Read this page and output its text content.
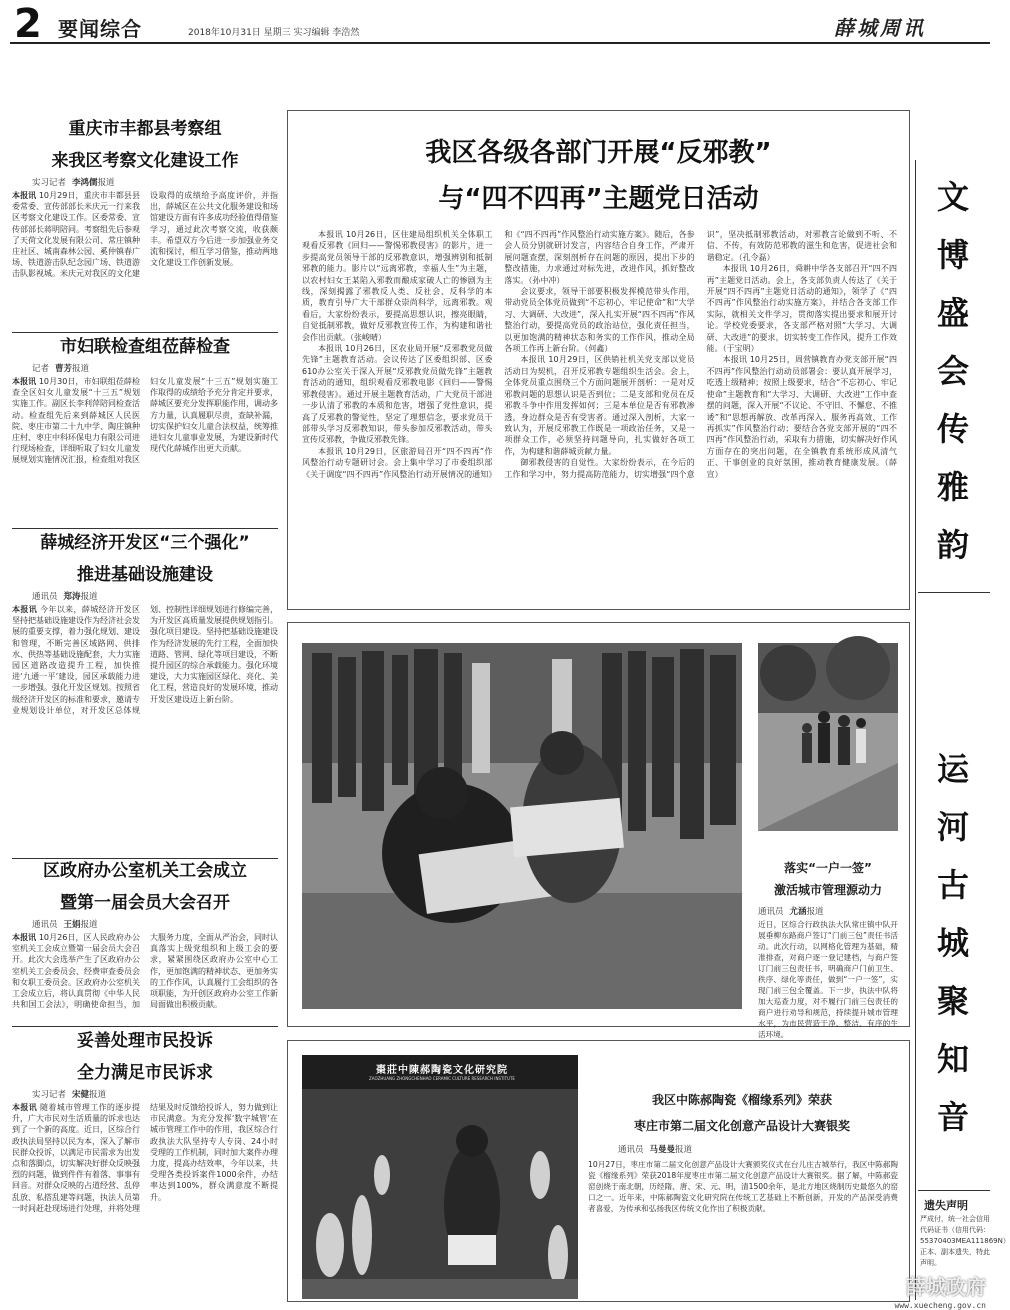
2 要闻综合	2018年10月31日 星期三 实习编辑 李浩然	薛城周讯
重庆市丰都县考察组
来我区考察文化建设工作
实习记者 李鸿儒报道
本报讯 10月29日，重庆市丰都县县委常委、宣传部部长米庆元一行来我区考察文化建设工作。区委常委、宣传部部长蒋明陪同。考察组先后参观了天荷文化发展有限公司、常庄镇种庄社区、城南森林公园、奚仲镇春广场、铁道游击队纪念园广场、铁道游击队影视城。米庆元对我区的文化建设取得的成绩给予高度评价，并指出，薛城区在公共文化服务建设和场馆建设方面有许多成功经验值得借鉴学习，通过此次考察交流，收获颇丰。希望双方今后进一步加强业务交流和探讨，相互学习借鉴，推动两地文化建设工作创新发展。
市妇联检查组莅薛检查
记者 曹芳报道
本报讯 10月30日，市妇联组莅薛检查全区妇女儿童发展“十三五”规划实施工作。副区长李利萍陪同检查活动。检查组先后来到薛城区人民医院、枣庄市第二十九中学、陶庄镇种庄村、枣庄中科环保电力有限公司进行现场检查，详细听取了妇女儿童发展规划实施情况汇报，检查组对我区妇女儿童发展“十三五”规划实施工作取得的成绩给予充分肯定并要求，薛城区要充分发挥职能作用，调动多方力量，认真履职尽责，查缺补漏，切实保护妇女儿童合法权益，统筹推进妇女儿童事业发展，为建设新时代现代化薛城作出更大贡献。
薛城经济开发区“三个强化”
推进基础设施建设
通讯员 郑涛报道
本报讯 今年以来，薛城经济开发区坚持把基础设施建设作为经济社会发展的重要支撑，着力强化规划、建设和管理，不断完善区域路网、供排水、供热等基础设施配套，大力实施园区道路改造提升工程，加快推进‘九通一平’建设，园区承载能力进一步增强。强化开发区规划。按照省级经济开发区的标准和要求，邀请专业规划设计单位，对开发区总体规划、控制性详细规划进行修编完善，为开发区高质量发展提供规划指引。强化项目建设。坚持把基础设施建设作为经济发展的先行工程，全面加快道路、管网、绿化等项目建设，不断提升园区的综合承载能力。强化环境建设，大力实施园区绿化、亮化、美化工程，营造良好的发展环境，推动开发区建设迈上新台阶。
区政府办公室机关工会成立
暨第一届会员大会召开
通讯员 王娟报道
本报讯 10月26日，区人民政府办公室机关工会成立暨第一届会员大会召开。此次大会选举产生了区政府办公室机关工会委员会、经费审查委员会和女职工委员会。区政府办公室机关工会成立后，将认真贯彻《中华人民共和国工会法》，明确使命担当，加大服务力度，全面从严治会，同时认真落实上级党组织和上级工会的要求，紧紧围绕区政府办公室中心工作，更加饱满的精神状态、更加务实的工作作风，认真履行工会组织的各项职能，为开创区政府办公室工作新局面做出积极贡献。
妥善处理市民投诉
全力满足市民诉求
实习记者 宋健报道
本报讯 随着城市管理工作的逐步提升，广大市民对生活质量的诉求也达到了一个新的高度。近日，区综合行政执法局坚持以民为本，深入了解市民群众投诉，以满足市民需求为出发点和落脚点，切实解决好群众反映强烈的问题，做到件件有着落、事事有回音。对群众反映的占道经营、乱停乱放、私搭乱建等问题，执法人员第一时间赶赴现场进行处理，并将处理结果及时反馈给投诉人，努力做到让市民满意。为充分发挥‘数字城管’在城市管理工作中的作用，我区综合行政执法大队坚持专人专岗、24小时受理的工作机制，同时加大案件办理力度，提高办结效率，今年以来，共受理各类投诉案件1000余件，办结率达到100%，群众满意度不断提升。
我区各级各部门开展“反邪教”
与“四不四再”主题党日活动

本报讯 10月26日，区住建局组织机关全体职工观看反邪教《回归——警惕邪教侵害》的影片，进一步提高党员领导干部的反邪教意识，增强辨别和抵制邪教的能力。影片以“远离邪教，幸福人生”为主题，以农村妇女王某陷入邪教而酿成家破人亡的惨剧为主线，深刻揭露了邪教反人类、反社会、反科学的本质，教育引导广大干部群众崇尚科学，远离邪教。观看后，大家纷纷表示，要提高思想认识，擦亮眼睛，自觉抵制邪教，做好反邪教宣传工作，为构建和谐社会作出贡献。（张峻晴）

本报讯 10月26日，区农业局开展“反邪教党员做先锋”主题教育活动。会议传达了区委组织部、区委610办公室关于深入开展“反邪教党员做先锋”主题教育活动的通知，组织观看反邪教电影《回归——警惕邪教侵害》。通过开展主题教育活动，广大党员干部进一步认清了邪教的本质和危害，增强了党性意识，提高了反邪教的警觉性，坚定了理想信念，要求党员干部带头学习反邪教知识，带头参加反邪教活动，带头宣传反邪教，争做反邪教先锋。

本报讯 10月29日，区旅游局召开“四不四再”作风整治行动专题研讨会。会上集中学习了市委组织部《关于调度“四不四再”作风整治行动开展情况的通知》和《“四不四再”作风整治行动实施方案》。随后，各参会人员分别就研讨发言，内容结合自身工作，严肃开展问题查摆，深刻剖析存在问题的原因，提出下步的整改措施，力求通过对标先进，改进作风，抓好整改落实。（孙中冲）

会议要求，领导干部要积极发挥模范带头作用，带动党员全体党员做到“不忘初心，牢记使命”和“大学习、大调研、大改进”，深入扎实开展“四不四再”作风整治行动，要提高党员的政治站位，强化责任担当，以更加饱满的精神状态和务实的工作作风，推动全局各项工作再上新台阶。（何鑫）

本报讯 10月29日，区供销社机关党支部以党员活动日为契机，召开反邪教专题组织生活会。会上，全体党员重点围绕三个方面问题展开剖析：一是对反邪教问题的思想认识是否到位；二是支部和党员在反邪教斗争中作用发挥如何；三是本单位是否有邪教渗透，身边群众是否有受害者。通过深入剖析，大家一致认为，开展反邪教工作既是一项政治任务，又是一项群众工作，必须坚持问题导向，扎实做好各项工作，为构建和谐薛城贡献力量。

御邪教侵害的自觉性。大家纷纷表示，在今后的工作和学习中，努力提高防范能力，切实增强“四个意识”，坚决抵制邪教活动，对邪教言论做到不听、不信、不传，有效防范邪教的滋生和危害，促进社会和谐稳定。（孔令磊）

本报讯 10月26日，舜耕中学各支部召开“四不四再”主题党日活动。会上，各支部负责人传达了《关于开展“四不四再”主题党日活动的通知》，领学了《“四不四再”作风整治行动实施方案》，并结合各支部工作实际，就相关文件学习，贯彻落实提出要求和展开讨论。学校党委要求，各支部严格对照“大学习、大调研、大改进”的要求，切实转变工作作风，提升工作效能。（于宝明）

本报讯 10月25日，周营镇教育办党支部开展“四不四再”作风整治行动动员部署会：要认真开展学习，吃透上级精神；按照上级要求，结合“不忘初心、牢记使命”主题教育和“大学习、大调研、大改进”工作中查摆的问题，深入开展“不议论、不守旧、不懈怠、不推诿”和“思想再解放、改革再深入、服务再高效、工作再抓实”作风整治行动；要结合各党支部开展的“四不四再”作风整治行动，采取有力措施，切实解决好作风方面存在的突出问题，在全镇教育系统形成风清气正、干事创业的良好氛围，推动教育健康发展。（薛宣）

落实“一户一签”
激活城市管理源动力
通讯员 尤涵报道
近日，区综合行政执法大队常庄镇中队开展垂柳东路商户签订“门前三包”责任书活动。此次行动，以网格化管理为基础，精准排查，对商户逐一登记建档，与商户签订门前三包责任书，明确商户门前卫生、秩序、绿化等责任，做到“一户一签”，实现门前三包全覆盖。下一步，执法中队将加大巡查力度，对不履行门前三包责任的商户进行劝导和规范，持续提升城市管理水平，为市民营造干净、整洁、有序的生活环境。
棗莊中陳郝陶瓷文化研究院
ZAOZHUANG ZHONGCHENHAO CERAMIC CULTURE RESEARCH INSTITUTE
我区中陈郝陶瓷《榴缘系列》荣获
枣庄市第二届文化创意产品设计大赛银奖
通讯员 马曼曼报道
10月27日，枣庄市第二届文化创意产品设计大赛颁奖仪式在台儿庄古城举行，我区中陈郝陶瓷《榴缘系列》荣获2018年度枣庄市第二届文化创意产品设计大赛银奖。据了解，中陈郝瓷窑创烧于南北朝，历经隋、唐、宋、元、明，清1500余年，是北方地区烧制历史最悠久的窑口之一。近年来，中陈郝陶瓷文化研究院在传统工艺基础上不断创新，开发的产品深受消费者喜爱，为传承和弘扬我区传统文化作出了积极贡献。
文博盛会传雅韵
运河古城聚知音
遗失声明
严成付，统一社会信用代码证书（信用代码：55370403MEA111869N）正本、副本遗失，特此声明。
薛城政府
www.xuecheng.gov.cn
